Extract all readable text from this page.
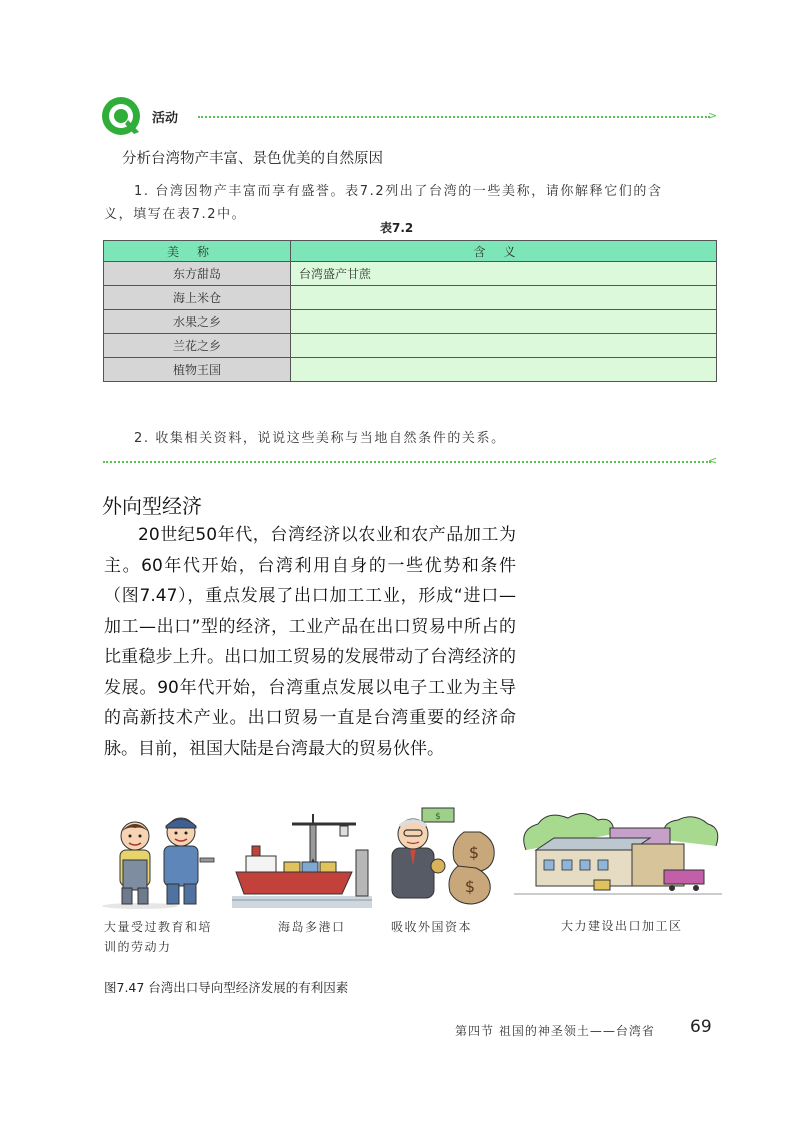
活动	>
分析台湾物产丰富、景色优美的自然原因
1. 台湾因物产丰富而享有盛誉。表7.2列出了台湾的一些美称，请你解释它们的含
义，填写在表7.2中。
表7.2
美称	含义
东方甜岛	台湾盛产甘蔗
海上米仓	
水果之乡	
兰花之乡	
植物王国	
2. 收集相关资料，说说这些美称与当地自然条件的关系。
<
外向型经济
20世纪50年代，台湾经济以农业和农产品加工为主。60年代开始，台湾利用自身的一些优势和条件（图7.47），重点发展了出口加工工业，形成“进口—加工—出口”型的经济，工业产品在出口贸易中所占的比重稳步上升。出口加工贸易的发展带动了台湾经济的发展。90年代开始，台湾重点发展以电子工业为主导的高新技术产业。出口贸易一直是台湾重要的经济命脉。目前，祖国大陆是台湾最大的贸易伙伴。
$
$
$
大量受过教育和培
训的劳动力
海岛多港口	吸收外国资本	大力建设出口加工区
图7.47 台湾出口导向型经济发展的有利因素
第四节 祖国的神圣领土——台湾省 69
